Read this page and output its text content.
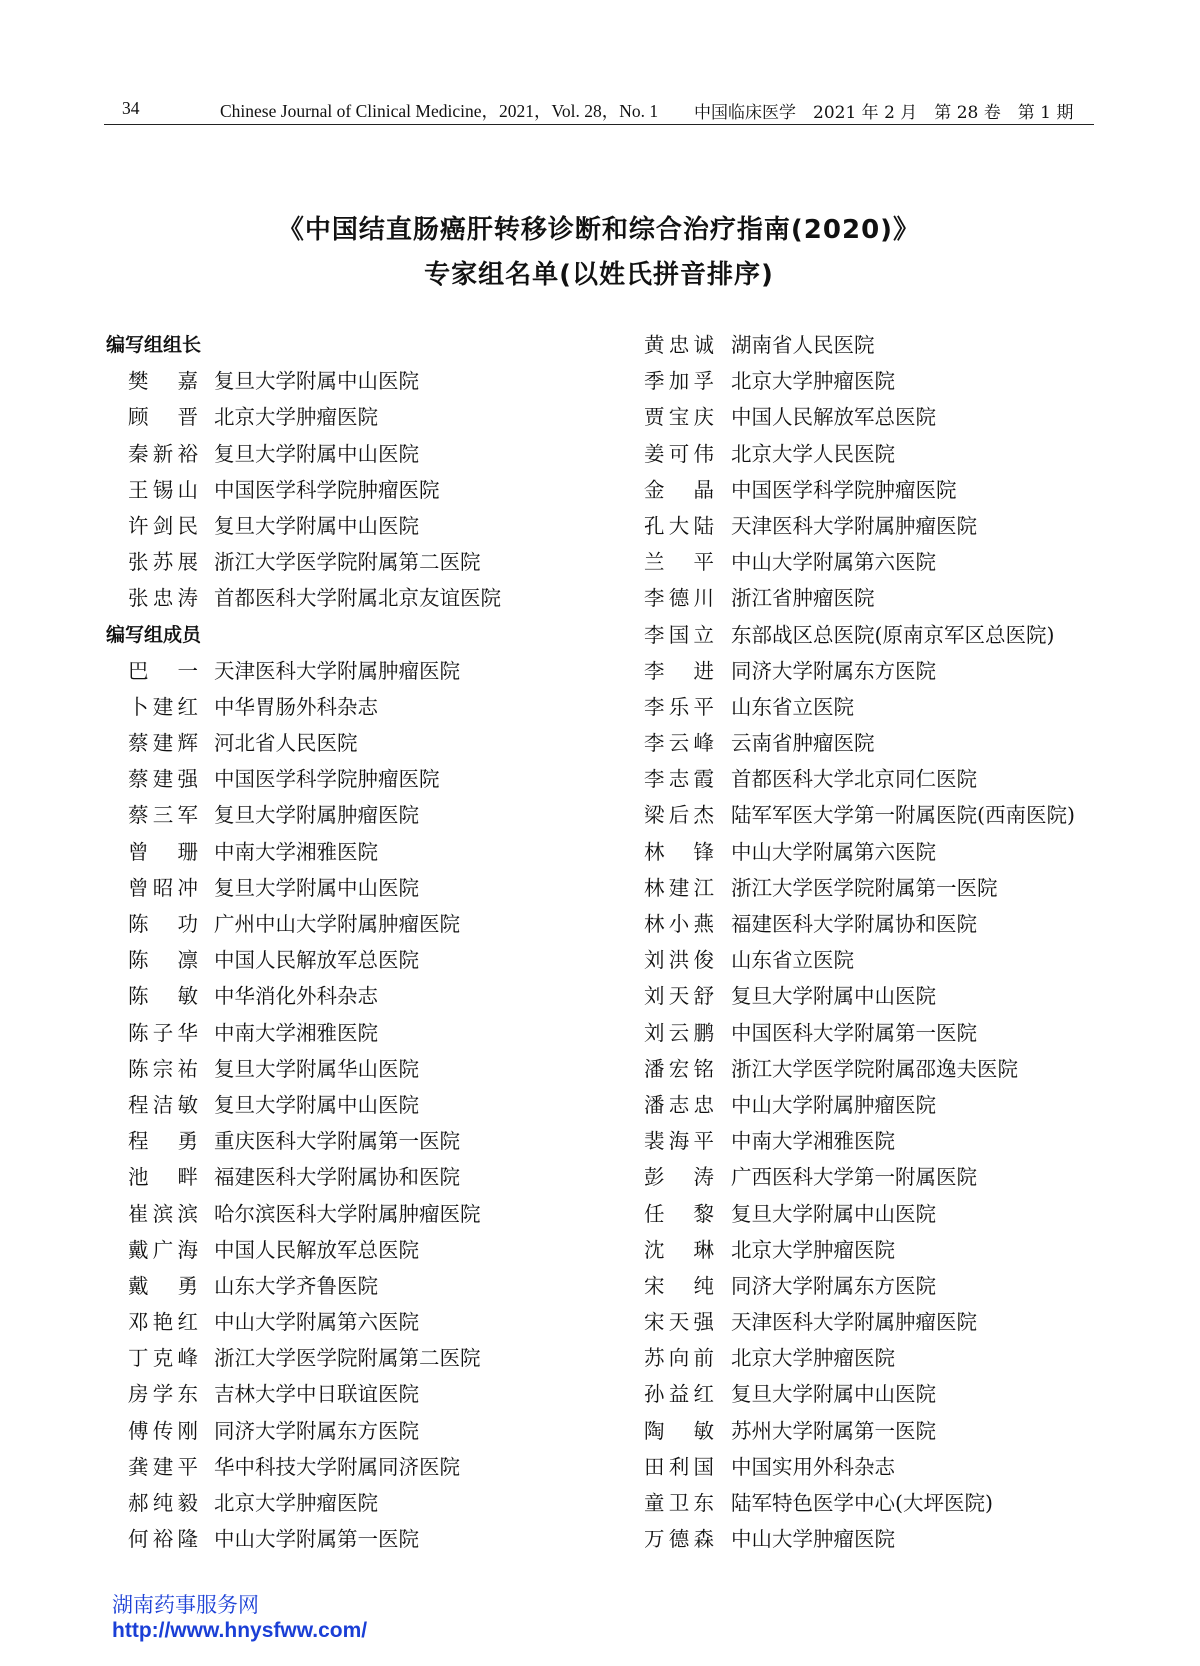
34	Chinese Journal of Clinical Medicine，2021，Vol. 28，No. 1 中国临床医学　2021 年 2 月　第 28 卷　第 1 期
《中国结直肠癌肝转移诊断和综合治疗指南(2020)》
专家组名单(以姓氏拼音排序)
编写组组长
樊嘉 复旦大学附属中山医院
顾晋 北京大学肿瘤医院
秦新裕 复旦大学附属中山医院
王锡山 中国医学科学院肿瘤医院
许剑民 复旦大学附属中山医院
张苏展 浙江大学医学院附属第二医院
张忠涛 首都医科大学附属北京友谊医院
编写组成员
巴一 天津医科大学附属肿瘤医院
卜建红 中华胃肠外科杂志
蔡建辉 河北省人民医院
蔡建强 中国医学科学院肿瘤医院
蔡三军 复旦大学附属肿瘤医院
曾珊 中南大学湘雅医院
曾昭冲 复旦大学附属中山医院
陈功 广州中山大学附属肿瘤医院
陈凛 中国人民解放军总医院
陈敏 中华消化外科杂志
陈子华 中南大学湘雅医院
陈宗祐 复旦大学附属华山医院
程洁敏 复旦大学附属中山医院
程勇 重庆医科大学附属第一医院
池畔 福建医科大学附属协和医院
崔滨滨 哈尔滨医科大学附属肿瘤医院
戴广海 中国人民解放军总医院
戴勇 山东大学齐鲁医院
邓艳红 中山大学附属第六医院
丁克峰 浙江大学医学院附属第二医院
房学东 吉林大学中日联谊医院
傅传刚 同济大学附属东方医院
龚建平 华中科技大学附属同济医院
郝纯毅 北京大学肿瘤医院
何裕隆 中山大学附属第一医院
黄忠诚 湖南省人民医院
季加孚 北京大学肿瘤医院
贾宝庆 中国人民解放军总医院
姜可伟 北京大学人民医院
金晶 中国医学科学院肿瘤医院
孔大陆 天津医科大学附属肿瘤医院
兰平 中山大学附属第六医院
李德川 浙江省肿瘤医院
李国立 东部战区总医院(原南京军区总医院)
李进 同济大学附属东方医院
李乐平 山东省立医院
李云峰 云南省肿瘤医院
李志霞 首都医科大学北京同仁医院
梁后杰 陆军军医大学第一附属医院(西南医院)
林锋 中山大学附属第六医院
林建江 浙江大学医学院附属第一医院
林小燕 福建医科大学附属协和医院
刘洪俊 山东省立医院
刘天舒 复旦大学附属中山医院
刘云鹏 中国医科大学附属第一医院
潘宏铭 浙江大学医学院附属邵逸夫医院
潘志忠 中山大学附属肿瘤医院
裴海平 中南大学湘雅医院
彭涛 广西医科大学第一附属医院
任黎 复旦大学附属中山医院
沈琳 北京大学肿瘤医院
宋纯 同济大学附属东方医院
宋天强 天津医科大学附属肿瘤医院
苏向前 北京大学肿瘤医院
孙益红 复旦大学附属中山医院
陶敏 苏州大学附属第一医院
田利国 中国实用外科杂志
童卫东 陆军特色医学中心(大坪医院)
万德森 中山大学肿瘤医院
湖南药事服务网
http://www.hnysfww.com/
